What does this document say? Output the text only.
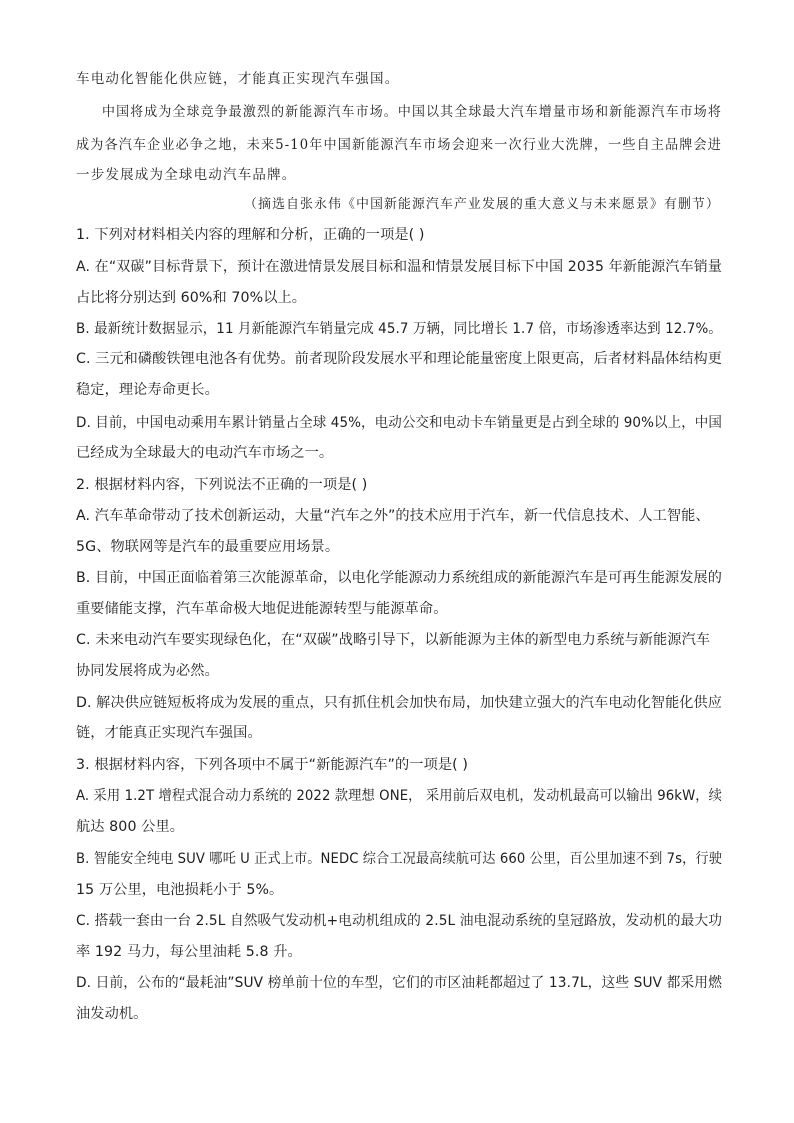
车电动化智能化供应链，才能真正实现汽车强国。
中国将成为全球竞争最激烈的新能源汽车市场。中国以其全球最大汽车增量市场和新能源汽车市场将
成为各汽车企业必争之地，未来5-10年中国新能源汽车市场会迎来一次行业大洗牌，一些自主品牌会进
一步发展成为全球电动汽车品牌。
（摘选自张永伟《中国新能源汽车产业发展的重大意义与未来愿景》有删节）
1. 下列对材料相关内容的理解和分析，正确的一项是( )
A. 在“双碳”目标背景下，预计在激进情景发展目标和温和情景发展目标下中国 2035 年新能源汽车销量
占比将分别达到 60%和 70%以上。
B. 最新统计数据显示，11 月新能源汽车销量完成 45.7 万辆，同比增长 1.7 倍，市场渗透率达到 12.7%。
C. 三元和磷酸铁锂电池各有优势。前者现阶段发展水平和理论能量密度上限更高，后者材料晶体结构更
稳定，理论寿命更长。
D. 目前，中国电动乘用车累计销量占全球 45%，电动公交和电动卡车销量更是占到全球的 90%以上，中国
已经成为全球最大的电动汽车市场之一。
2. 根据材料内容，下列说法不正确的一项是( )
A. 汽车革命带动了技术创新运动，大量“汽车之外”的技术应用于汽车，新一代信息技术、人工智能、
5G、物联网等是汽车的最重要应用场景。
B. 目前，中国正面临着第三次能源革命，以电化学能源动力系统组成的新能源汽车是可再生能源发展的
重要储能支撑，汽车革命极大地促进能源转型与能源革命。
C. 未来电动汽车要实现绿色化，在“双碳”战略引导下，以新能源为主体的新型电力系统与新能源汽车
协同发展将成为必然。
D. 解决供应链短板将成为发展的重点，只有抓住机会加快布局，加快建立强大的汽车电动化智能化供应
链，才能真正实现汽车强国。
3. 根据材料内容，下列各项中不属于“新能源汽车”的一项是( )
A. 采用 1.2T 增程式混合动力系统的 2022 款理想 ONE， 采用前后双电机，发动机最高可以输出 96kW，续
航达 800 公里。
B. 智能安全纯电 SUV 哪吒 U 正式上市。NEDC 综合工况最高续航可达 660 公里，百公里加速不到 7s，行驶
15 万公里，电池损耗小于 5%。
C. 搭载一套由一台 2.5L 自然吸气发动机+电动机组成的 2.5L 油电混动系统的皇冠路放，发动机的最大功
率 192 马力，每公里油耗 5.8 升。
D. 日前，公布的“最耗油”SUV 榜单前十位的车型，它们的市区油耗都超过了 13.7L，这些 SUV 都采用燃
油发动机。
